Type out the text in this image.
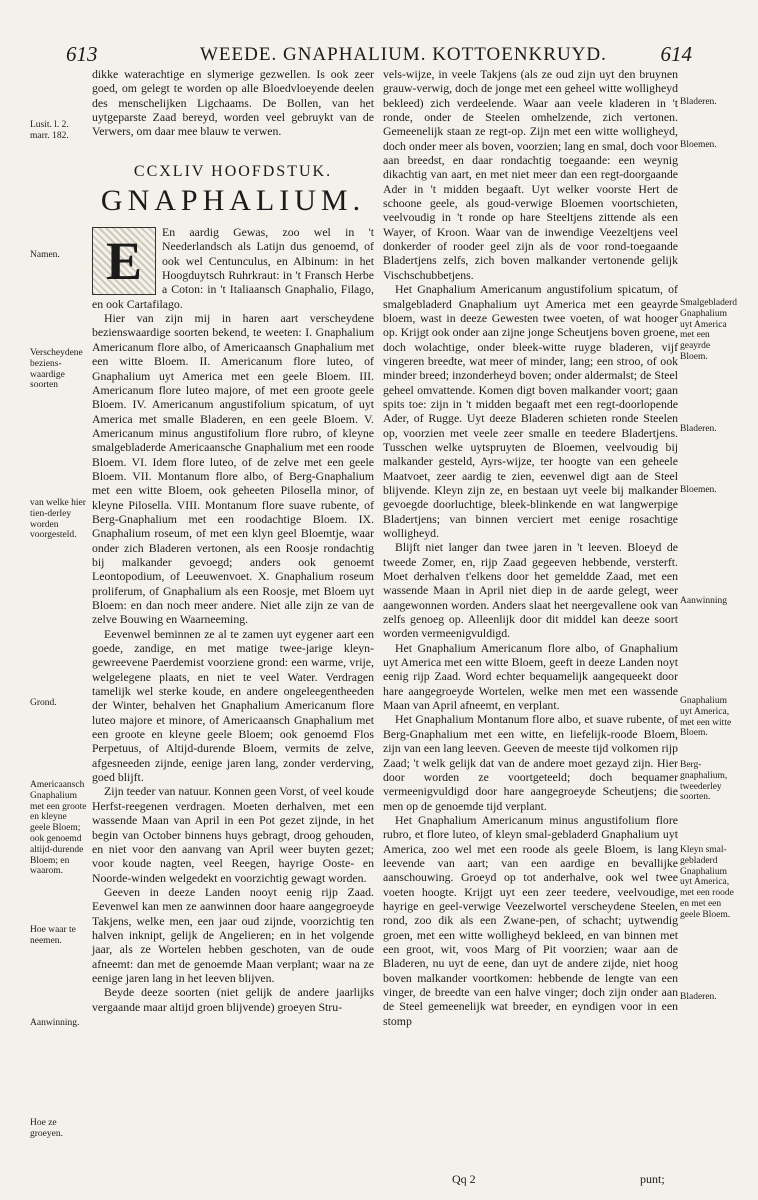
613	WEEDE. GNAPHALIUM. KOTTOENKRUYD.	614

dikke waterachtige en slymerige gezwellen. Is ook zeer goed, om gelegt te worden op alle Bloedvloeyende deelen des menschelijken Ligchaams. De Bollen, van het uytgeparste Zaad bereyd, worden veel gebruykt van de Verwers, om daar mee blauw te verwen.

CCXLIV HOOFDSTUK.
GNAPHALIUM.
E	En aardig Gewas, zoo wel in 't Neederlandsch als Latijn dus genoemd, of ook wel Centunculus, en Albinum: in het Hoogduytsch Ruhrkraut: in 't Fransch Herbe a Coton: in 't Italiaansch Gnaphalio, Filago, en ook Cartafilago.

Hier van zijn mij in haren aart verscheydene bezienswaardige soorten bekend, te weeten: I. Gnaphalium Americanum flore albo, of Americaansch Gnaphalium met een witte Bloem. II. Americanum flore luteo, of Gnaphalium uyt America met een geele Bloem. III. Americanum flore luteo majore, of met een groote geele Bloem. IV. Americanum angustifolium spicatum, of uyt America met smalle Bladeren, en een geele Bloem. V. Americanum minus angustifolium flore rubro, of kleyne smalgebladerde Americaansche Gnaphalium met een roode Bloem. VI. Idem flore luteo, of de zelve met een geele Bloem. VII. Montanum flore albo, of Berg-Gnaphalium met een witte Bloem, ook geheeten Pilosella minor, of kleyne Pilosella. VIII. Montanum flore suave rubente, of Berg-Gnaphalium met een roodachtige Bloem. IX. Gnaphalium roseum, of met een klyn geel Bloemtje, waar onder zich Bladeren vertonen, als een Roosje rondachtig bij malkander gevoegd; anders ook genoemt Leontopodium, of Leeuwenvoet. X. Gnaphalium roseum proliferum, of Gnaphalium als een Roosje, met Bloem uyt Bloem: en dan noch meer andere. Niet alle zijn ze van de zelve Bouwing en Waarneeming.

Eevenwel beminnen ze al te zamen uyt eygener aart een goede, zandige, en met matige twee-jarige kleyn-gewreevene Paerdemist voorziene grond: een warme, vrije, welgelegene plaats, en niet te veel Water. Verdragen tamelijk wel sterke koude, en andere ongeleegentheeden der Winter, behalven het Gnaphalium Americanum flore luteo majore et minore, of Americaansch Gnaphalium met een groote en kleyne geele Bloem; ook genoemd Flos Perpetuus, of Altijd-durende Bloem, vermits de zelve, afgesneeden zijnde, eenige jaren lang, zonder verderving, goed blijft.

Zijn teeder van natuur. Konnen geen Vorst, of veel koude Herfst-reegenen verdragen. Moeten derhalven, met een wassende Maan van April in een Pot gezet zijnde, in het begin van October binnens huys gebragt, droog gehouden, en niet voor den aanvang van April weer buyten gezet; voor koude nagten, veel Reegen, hayrige Ooste- en Noorde-winden welgedekt en voorzichtig gewagt worden.

Geeven in deeze Landen nooyt eenig rijp Zaad. Eevenwel kan men ze aanwinnen door haare aangegroeyde Takjens, welke men, een jaar oud zijnde, voorzichtig ten halven inknipt, gelijk de Angelieren; en in het volgende jaar, als ze Wortelen hebben geschoten, van de oude afneemt: dan met de genoemde Maan verplant; waar na ze eenige jaren lang in het leeven blijven.

Beyde deeze soorten (niet gelijk de andere jaarlijks vergaande maar altijd groen blijvende) groeyen Stru-

vels-wijze, in veele Takjens (als ze oud zijn uyt den bruynen grauw-verwig, doch de jonge met een geheel witte wolligheyd bekleed) zich verdeelende. Waar aan veele kladeren in 't ronde, onder de Steelen omhelzende, zich vertonen. Gemeenelijk staan ze regt-op. Zijn met een witte wolligheyd, doch onder meer als boven, voorzien; lang en smal, doch voor aan breedst, en daar rondachtig toegaande: een weynig dikachtig van aart, en met niet meer dan een regt-doorgaande Ader in 't midden begaaft. Uyt welker voorste Hert de schoone geele, als goud-verwige Bloemen voortschieten, veelvoudig in 't ronde op hare Steeltjens zittende als een Wayer, of Kroon. Waar van de inwendige Veezeltjens veel donkerder of rooder geel zijn als de voor rond-toegaande Bladertjens zelfs, zich boven malkander vertonende gelijk Vischschubbetjens.

Het Gnaphalium Americanum angustifolium spicatum, of smalgebladerd Gnaphalium uyt America met een geayrde bloem, wast in deeze Gewesten twee voeten, of wat hooger op. Krijgt ook onder aan zijne jonge Scheutjens boven groene, doch wolachtige, onder bleek-witte ruyge bladeren, vijf vingeren breedte, wat meer of minder, lang; een stroo, of ook minder breed; inzonderheyd boven; onder aldermalst; de Steel geheel omvattende. Komen digt boven malkander voort; gaan spits toe: zijn in 't midden begaaft met een regt-doorlopende Ader, of Rugge. Uyt deeze Bladeren schieten ronde Steelen op, voorzien met veele zeer smalle en teedere Bladertjens. Tusschen welke uytspruyten de Bloemen, veelvoudig bij malkander gesteld, Ayrs-wijze, ter hoogte van een geheele Maatvoet, zeer aardig te zien, eevenwel digt aan de Steel blijvende. Kleyn zijn ze, en bestaan uyt veele bij malkander gevoegde doorluchtige, bleek-blinkende en wat langwerpige Bladertjens; van binnen verciert met eenige rosachtige wolligheyd.

Blijft niet langer dan twee jaren in 't leeven. Bloeyd de tweede Zomer, en, rijp Zaad gegeeven hebbende, versterft. Moet derhalven t'elkens door het gemeldde Zaad, met een wassende Maan in April niet diep in de aarde gelegt, weer aangewonnen worden. Anders slaat het neergevallene ook van zelfs genoeg op. Alleenlijk door dit middel kan deeze soort worden vermeenigvuldigd.

Het Gnaphalium Americanum flore albo, of Gnaphalium uyt America met een witte Bloem, geeft in deeze Landen noyt eenig rijp Zaad. Word echter bequamelijk aangequeekt door hare aangegroeyde Wortelen, welke men met een wassende Maan van April afneemt, en verplant.

Het Gnaphalium Montanum flore albo, et suave rubente, of Berg-Gnaphalium met een witte, en liefelijk-roode Bloem, zijn van een lang leeven. Geeven de meeste tijd volkomen rijp Zaad; 't welk gelijk dat van de andere moet gezayd zijn. Hier door worden ze voortgeteeld; doch bequamer vermeenigvuldigd door hare aangegroeyde Scheutjens; die men op de genoemde tijd verplant.

Het Gnaphalium Americanum minus angustifolium flore rubro, et flore luteo, of kleyn smal-gebladerd Gnaphalium uyt America, zoo wel met een roode als geele Bloem, is lang leevende van aart; van een aardige en bevallijke aanschouwing. Groeyd op tot anderhalve, ook wel twee voeten hoogte. Krijgt uyt een zeer teedere, veelvoudige, hayrige en geel-verwige Veezelwortel verscheydene Steelen, rond, zoo dik als een Zwane-pen, of schacht; uytwendig groen, met een witte wolligheyd bekleed, en van binnen met een groot, wit, voos Marg of Pit voorzien; waar aan de Bladeren, nu uyt de eene, dan uyt de andere zijde, niet hoog boven malkander voortkomen: hebbende de lengte van een vinger, de breedte van een halve vinger; doch zijn onder aan de Steel gemeenelijk wat breeder, en eyndigen voor in een stomp

Lusit. l. 2. marr. 182.
Namen.
Verscheydene beziens-waardige soorten
van welke hier tien-derley worden voorgesteld.
Grond.
Americaansch Gnaphalium met een groote en kleyne geele Bloem; ook genoemd altijd-durende Bloem; en waarom.
Hoe waar te neemen.
Aanwinning.
Hoe ze groeyen.
Bladeren.
Bloemen.
Smalgebladerd Gnaphalium uyt America met een geayrde Bloem.
Bladeren.
Bloemen.
Aanwinning
Gnaphalium uyt America, met een witte Bloem.
Berg-gnaphalium, tweederley soorten.
Kleyn smal-gebladerd Gnaphalium uyt America, met een roode en met een geele Bloem.
Bladeren.
Qq 2	punt;
